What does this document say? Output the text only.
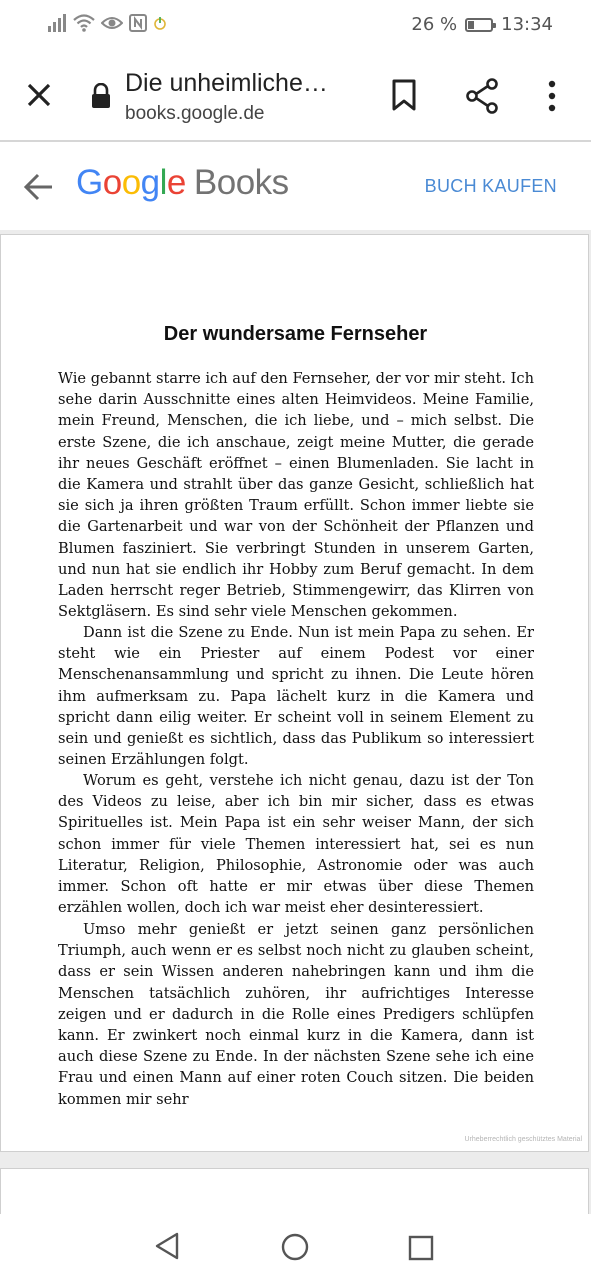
26 % 13:34
Die unheimliche…
books.google.de
Google Books	BUCH KAUFEN
Der wundersame Fernseher
Wie gebannt starre ich auf den Fernseher, der vor mir steht. Ich sehe darin Ausschnitte eines alten Heimvideos. Meine Familie, mein Freund, Menschen, die ich liebe, und – mich selbst. Die erste Szene, die ich anschaue, zeigt meine Mutter, die gerade ihr neues Geschäft eröffnet – einen Blumenladen. Sie lacht in die Kamera und strahlt über das ganze Gesicht, schließlich hat sie sich ja ihren größten Traum erfüllt. Schon immer liebte sie die Gartenarbeit und war von der Schönheit der Pflanzen und Blumen fasziniert. Sie verbringt Stunden in unserem Garten, und nun hat sie endlich ihr Hobby zum Beruf gemacht. In dem Laden herrscht reger Betrieb, Stimmengewirr, das Klirren von Sektgläsern. Es sind sehr viele Menschen gekommen.
Dann ist die Szene zu Ende. Nun ist mein Papa zu sehen. Er steht wie ein Priester auf einem Podest vor einer Menschenansammlung und spricht zu ihnen. Die Leute hören ihm aufmerksam zu. Papa lächelt kurz in die Kamera und spricht dann eilig weiter. Er scheint voll in seinem Element zu sein und genießt es sichtlich, dass das Publikum so interessiert seinen Erzählungen folgt.
Worum es geht, verstehe ich nicht genau, dazu ist der Ton des Videos zu leise, aber ich bin mir sicher, dass es etwas Spirituelles ist. Mein Papa ist ein sehr weiser Mann, der sich schon immer für viele Themen interessiert hat, sei es nun Literatur, Religion, Philosophie, Astronomie oder was auch immer. Schon oft hatte er mir etwas über diese Themen erzählen wollen, doch ich war meist eher desinteressiert.
Umso mehr genießt er jetzt seinen ganz persönlichen Triumph, auch wenn er es selbst noch nicht zu glauben scheint, dass er sein Wissen anderen nahebringen kann und ihm die Menschen tatsächlich zuhören, ihr aufrichtiges Interesse zeigen und er dadurch in die Rolle eines Predigers schlüpfen kann. Er zwinkert noch einmal kurz in die Kamera, dann ist auch diese Szene zu Ende. In der nächsten Szene sehe ich eine Frau und einen Mann auf einer roten Couch sitzen. Die beiden kommen mir sehr
Urheberrechtlich geschütztes Material
